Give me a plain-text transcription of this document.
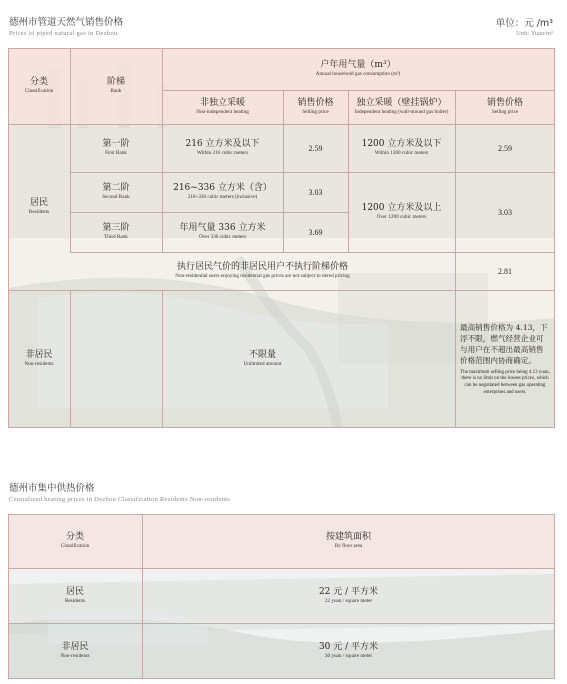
德州市管道天然气销售价格
Prices of piped natural gas in Dezhou
单位：元 /m³
Unit: Yuan/m³
分类
Classification
阶梯
Rank
户年用气量（m³）
Annual household gas consumption (m³)
非独立采暖
Non-independent heating
销售价格
Selling price
独立采暖（壁挂锅炉）
Independent heating (wall-mound gas boiler)
销售价格
Selling price
居民
Residents
第一阶
First Rank
216 立方米及以下
Within 216 cubic meters
2.59	1200 立方米及以下
Within 1200 cubic meters
2.59
第二阶
Second Rank
216~336 立方米（含）
216~336 cubic meters (inclusive)
3.03
第三阶
Third Rank
年用气量 336 立方米
Over 336 cubic meters
3.69
1200 立方米及以上
Over 1200 cubic meters
3.03
执行居民气价的非居民用户不执行阶梯价格
Non-residential users enjoying residential gas prices are not subject to tiered pricing
2.81
非居民
Non-residents
不限量
Unlimited amount
最高销售价格为 4.13，下浮不限，燃气经营企业可与用户在不超出最高销售价格范围内协商确定。
The maximum selling price being 4.13 yuan, there is no limit on the lowest prices, which can be negotiated between gas operating enterprises and users.
德州市集中供热价格
Centralized heating prices in Dezhou Classification Residents Non-residents
分类
Classification
按建筑面积
By floor area
居民
Residents
22 元 / 平方米
22 yuan / square meter
非居民
Non-residents
30 元 / 平方米
30 yuan / square meter
